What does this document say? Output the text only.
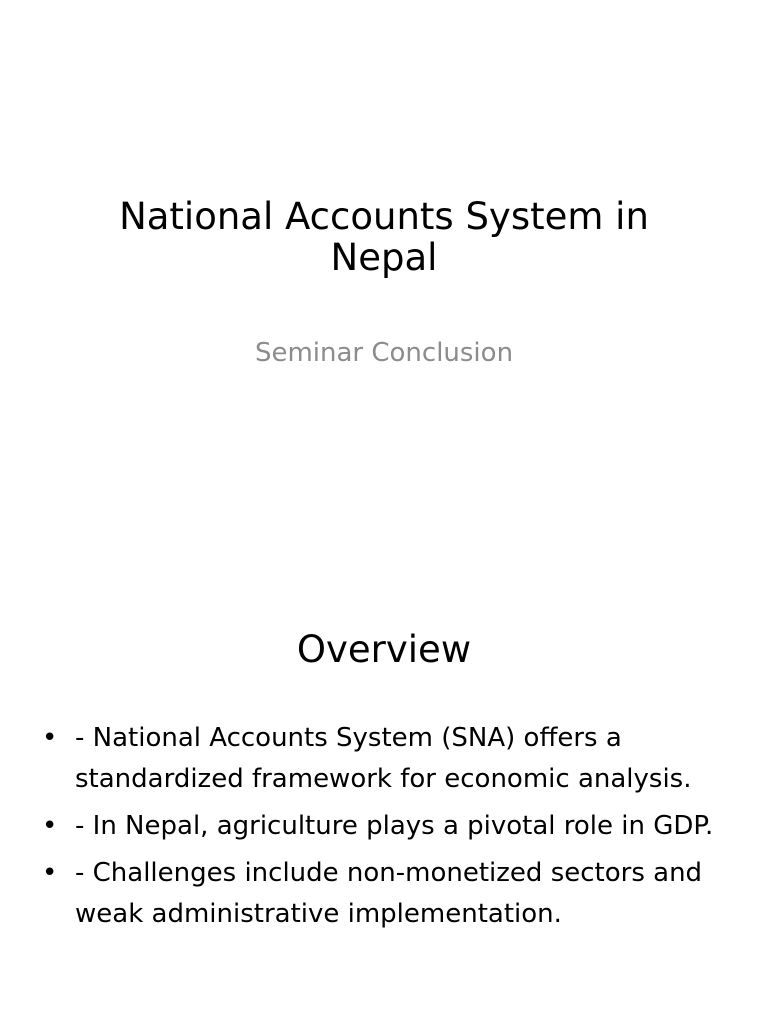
National Accounts System in Nepal

Seminar Conclusion

Overview
• - National Accounts System (SNA) offers a standardized framework for economic analysis.
• - In Nepal, agriculture plays a pivotal role in GDP.
• - Challenges include non-monetized sectors and weak administrative implementation.
